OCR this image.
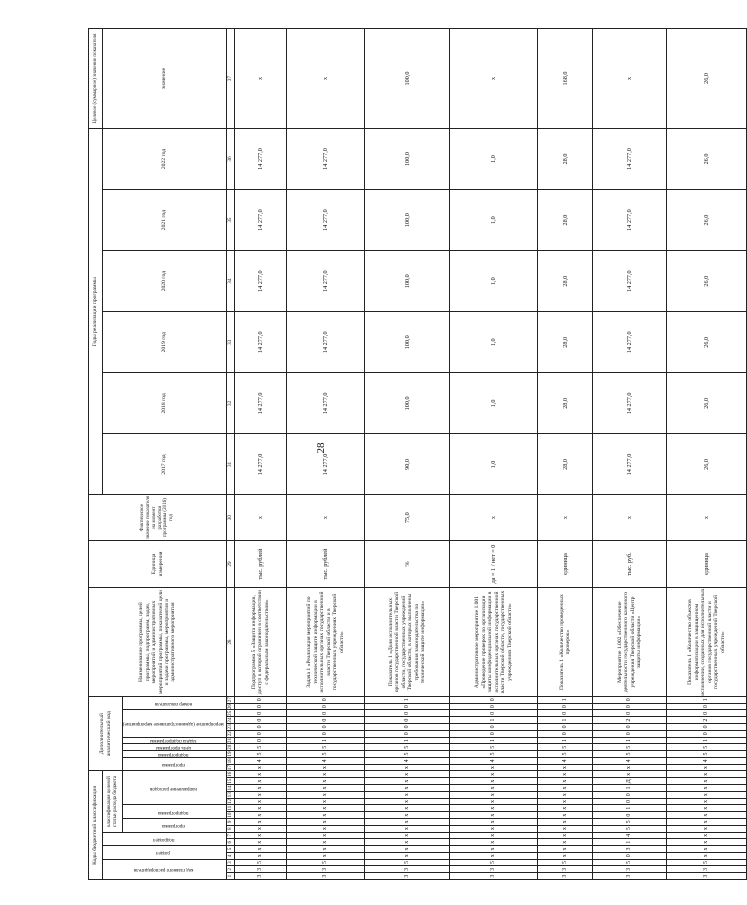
28
Коды бюджетной классификации																Дополнительный аналитический код											Наименование программы, целей программы, подпрограмм, задач, мероприятий и административных мероприятий программы, показателей цели и задачи программы, мероприятия и административного мероприятия	Единица измерения	Фактическое значение показателя на момент разработки программы (2016) год	Годы реализации программы						Целевое (суммарное) значение показателя
код главного распорядителя			раздел		подраздел		классификация целевой статьи расхода бюджета																							2017 год	2018 год	2019 год	2020 год	2021 год	2022 год	значение
							программа		подпрограмма		направление расходов					программа		подпрограмма	цель программы	задача подпрограммы	мероприятие (административное мероприятие)				номер показателя											
1	2	3	4	5	6	7	8	9	10	11	12	13	14	15	16	17	18	19	20	21	22	23	24	25	26	27	28	29	30	31	32	33	34	35	36	37
3	3	5	x	x	x	x	x	x	x	x	x	x	x	x	x	x	4	5	5	0	0	0	0	0	0	0	Подпрограмма 5 «Защита информации, доступ к которой ограничен в соответствии с федеральным законодательством»	тыс. рублей	х	14 277,0	14 277,0	14 277,0	14 277,0	14 277,0	14 277,0	х
3	3	5	x	x	x	x	x	x	x	x	x	x	x	x	x	x	4	5	5	1	0	0	0	0	0	0	Задача 1 «Реализация мероприятий по технической защите информации в исполнительных органах государственной власти Тверской области и в государственных учреждениях Тверской области»	тыс. рублей	х	14 277,0	14 277,0	14 277,0	14 277,0	14 277,0	14 277,0	х
3	3	5	x	x	x	x	x	x	x	x	x	x	x	x	x	x	4	5	5	1	0	0	0	0	0	1	Показатель 1 «Доля исполнительных органов государственной власти Тверской области, государственных учреждений Тверской области, в которых выполнены требования законодательства по технической защите информации»	%	75,0	90,0	100,0	100,0	100,0	100,0	100,0	100,0
3	3	5	x	x	x	x	x	x	x	x	x	x	x	x	x	x	4	5	5	1	0	0	1	0	0	0	Административное мероприятие 1.001 «Проведение проверок по организации защиты конфиденциальной информации в исполнительных органах государственной власти Тверской области, государственных учреждениях Тверской области»	да = 1 / нет = 0	х	1,0	1,0	1,0	1,0	1,0	1,0	х
3	3	5	x	x	x	x	x	x	x	x	x	x	x	x	x	x	4	5	5	1	0	0	1	0	0	1	Показатель 1 «Количество проведенных проверок»	единица	х	28,0	28,0	28,0	28,0	28,0	28,0	168,0
3	3	5	0	3	1	4	5	5	0	1	0	0	1	Д	x	x	4	5	5	1	0	0	2	0	0	0	Мероприятие 1.002 «Обеспечение деятельности государственного казенного учреждения Тверской области «Центр защиты информации»	тыс. руб.	х	14 277,0	14 277,0	14 277,0	14 277,0	14 277,0	14 277,0	х
3	3	5	x	x	x	x	x	x	x	x	x	x	x	x	x	x	4	5	5	1	0	0	2	0	0	1	Показатель 1 «Количество объектов информатизации в защищенном исполнении, созданных для исполнительных органов государственной власти и государственных учреждений Тверской области»	единица	х	26,0	26,0	26,0	26,0	26,0	26,0	26,0
